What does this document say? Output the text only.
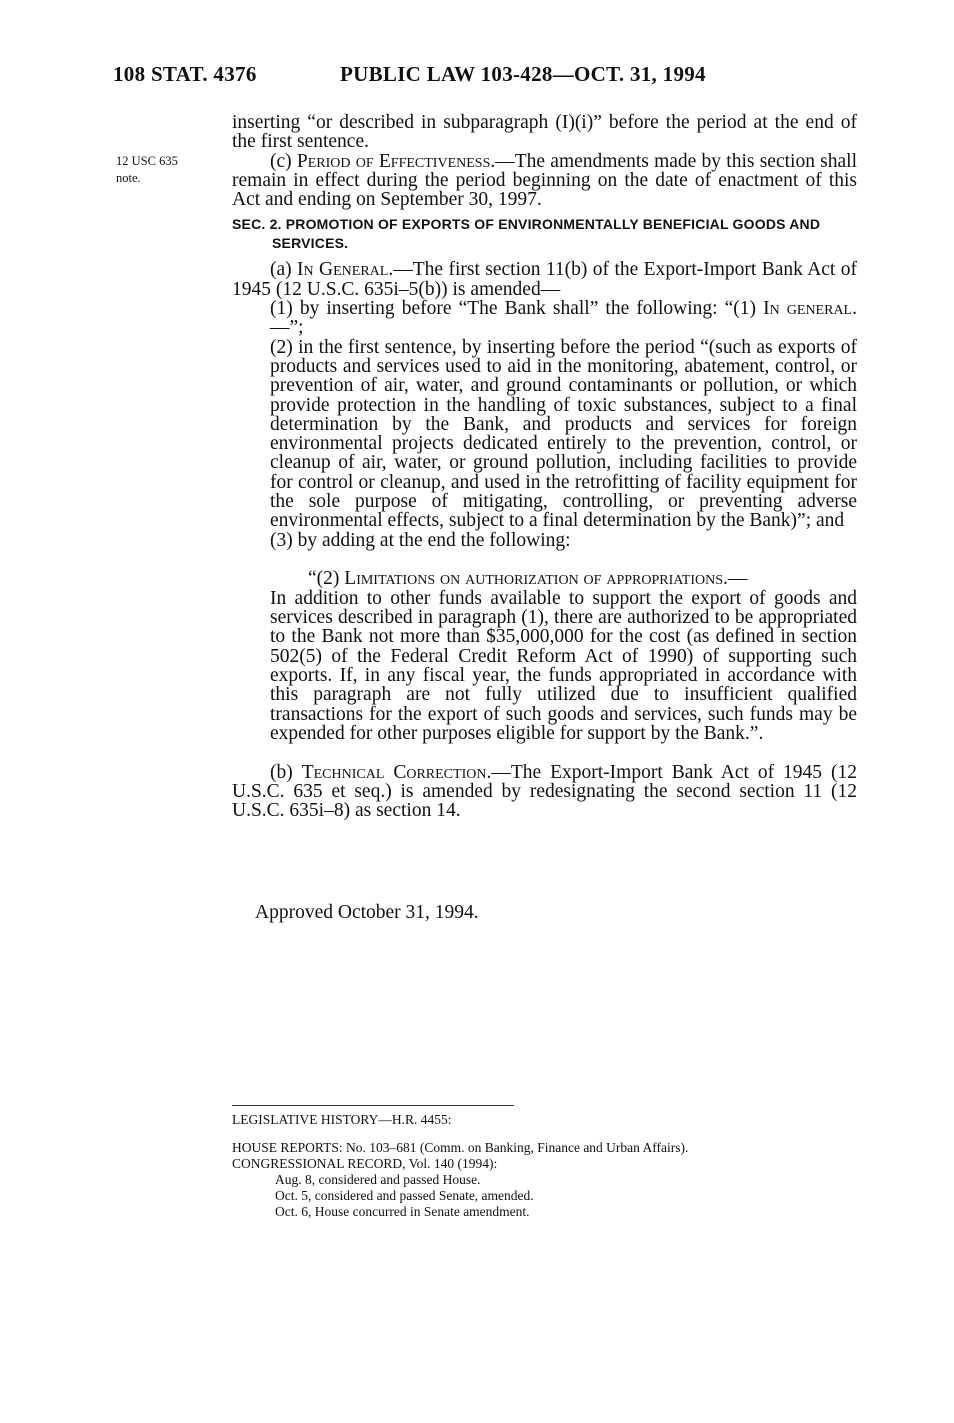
108 STAT. 4376	PUBLIC LAW 103-428—OCT. 31, 1994
12 USC 635
note.

inserting “or described in subparagraph (I)(i)” before the period at the end of the first sentence.

(c) Period of Effectiveness.—The amendments made by this section shall remain in effect during the period beginning on the date of enactment of this Act and ending on September 30, 1997.

SEC. 2. PROMOTION OF EXPORTS OF ENVIRONMENTALLY BENEFICIAL GOODS AND SERVICES.

(a) In General.—The first section 11(b) of the Export-Import Bank Act of 1945 (12 U.S.C. 635i–5(b)) is amended—

(1) by inserting before “The Bank shall” the following: “(1) In general.—”;

(2) in the first sentence, by inserting before the period “(such as exports of products and services used to aid in the monitoring, abatement, control, or prevention of air, water, and ground contaminants or pollution, or which provide protection in the handling of toxic substances, subject to a final determination by the Bank, and products and services for foreign environmental projects dedicated entirely to the prevention, control, or cleanup of air, water, or ground pollution, including facilities to provide for control or cleanup, and used in the retrofitting of facility equipment for the sole purpose of mitigating, controlling, or preventing adverse environmental effects, subject to a final determination by the Bank)”; and

(3) by adding at the end the following:

“(2) Limitations on authorization of appropriations.—
In addition to other funds available to support the export of goods and services described in paragraph (1), there are authorized to be appropriated to the Bank not more than $35,000,000 for the cost (as defined in section 502(5) of the Federal Credit Reform Act of 1990) of supporting such exports. If, in any fiscal year, the funds appropriated in accordance with this paragraph are not fully utilized due to insufficient qualified transactions for the export of such goods and services, such funds may be expended for other purposes eligible for support by the Bank.”.

(b) Technical Correction.—The Export-Import Bank Act of 1945 (12 U.S.C. 635 et seq.) is amended by redesignating the second section 11 (12 U.S.C. 635i–8) as section 14.

Approved October 31, 1994.
LEGISLATIVE HISTORY—H.R. 4455:
HOUSE REPORTS: No. 103–681 (Comm. on Banking, Finance and Urban Affairs).
CONGRESSIONAL RECORD, Vol. 140 (1994):
Aug. 8, considered and passed House.
Oct. 5, considered and passed Senate, amended.
Oct. 6, House concurred in Senate amendment.
